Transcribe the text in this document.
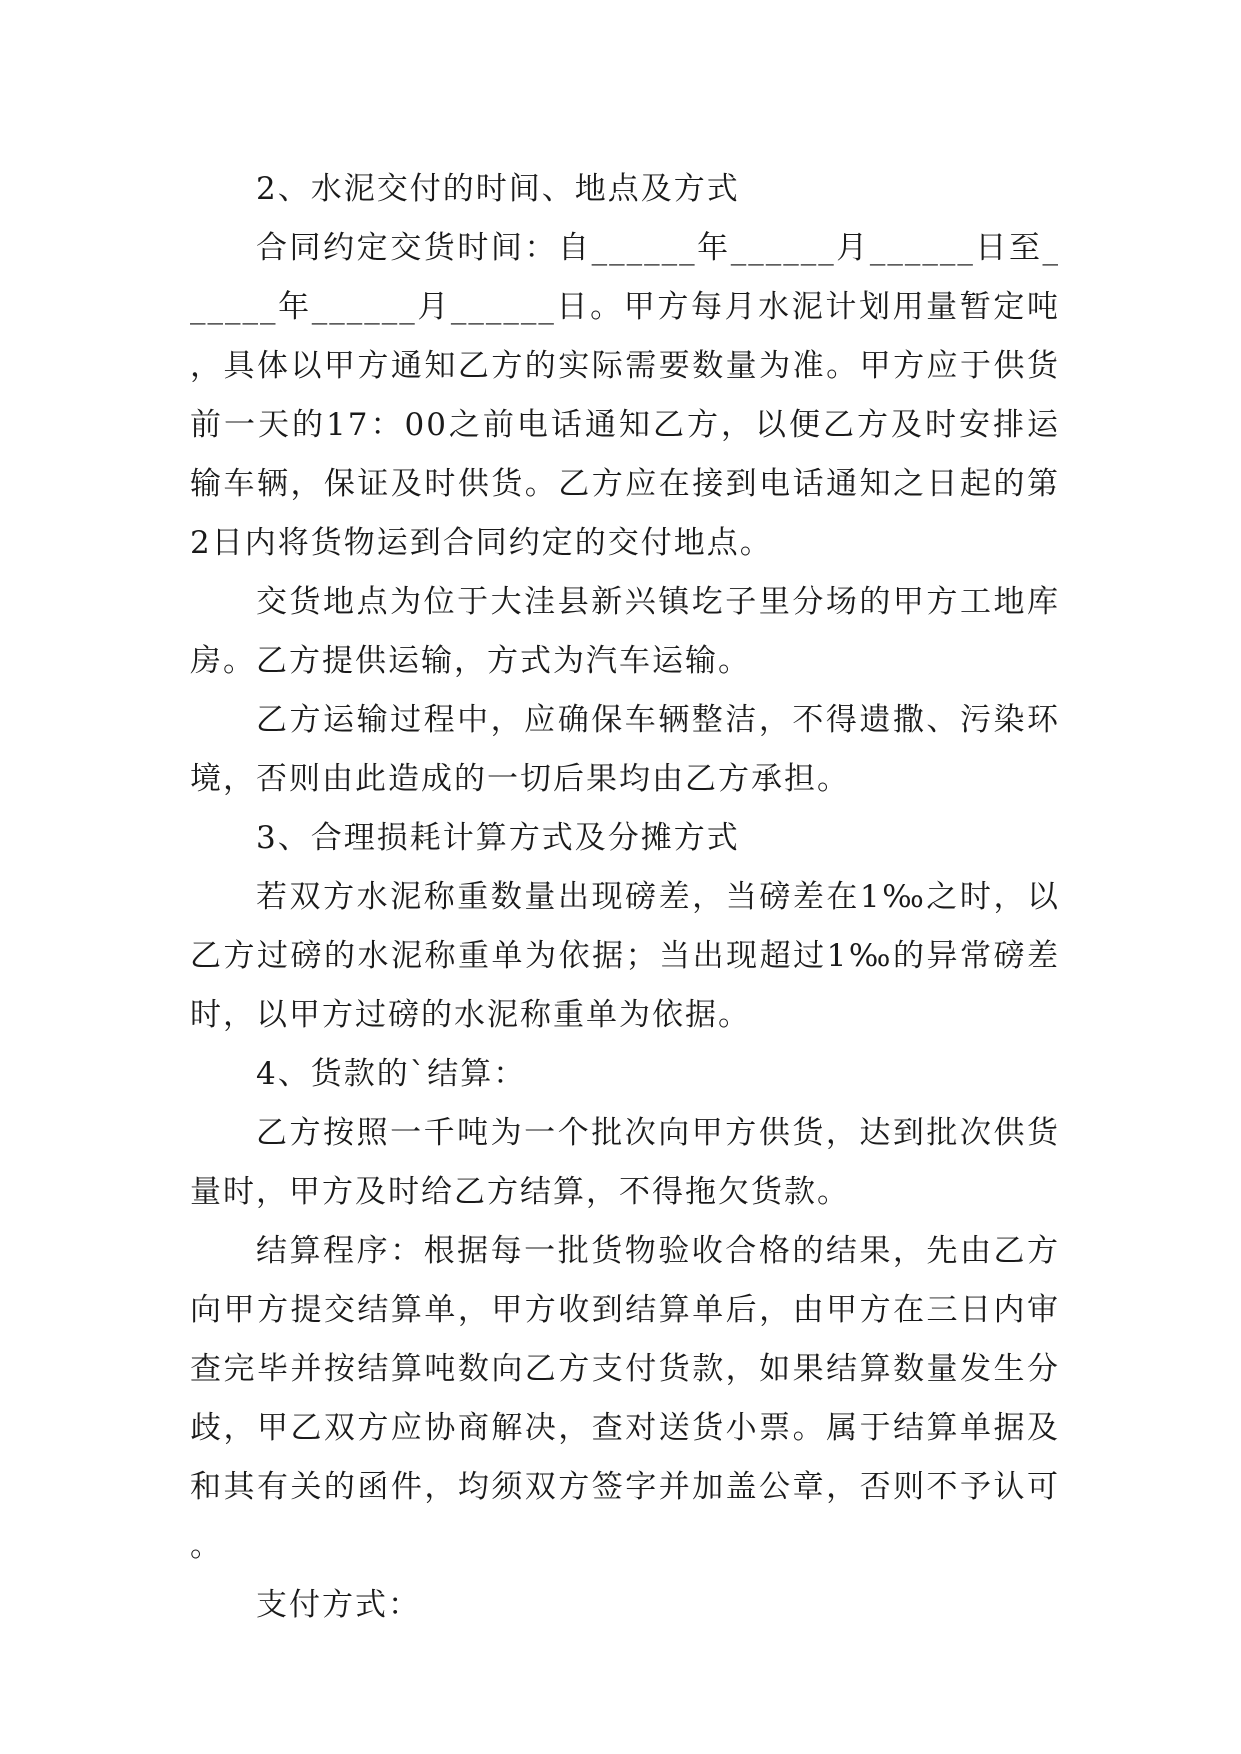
2、水泥交付的时间、地点及方式

合同约定交货时间：自______年______月______日至______年______月______日。甲方每月水泥计划用量暂定吨，具体以甲方通知乙方的实际需要数量为准。甲方应于供货前一天的17：00之前电话通知乙方，以便乙方及时安排运输车辆，保证及时供货。乙方应在接到电话通知之日起的第2日内将货物运到合同约定的交付地点。

交货地点为位于大洼县新兴镇圪子里分场的甲方工地库房。乙方提供运输，方式为汽车运输。

乙方运输过程中，应确保车辆整洁，不得遗撒、污染环境，否则由此造成的一切后果均由乙方承担。

3、合理损耗计算方式及分摊方式

若双方水泥称重数量出现磅差，当磅差在1‰之时，以乙方过磅的水泥称重单为依据；当出现超过1‰的异常磅差时，以甲方过磅的水泥称重单为依据。

4、货款的`结算：

乙方按照一千吨为一个批次向甲方供货，达到批次供货量时，甲方及时给乙方结算，不得拖欠货款。

结算程序：根据每一批货物验收合格的结果，先由乙方向甲方提交结算单，甲方收到结算单后，由甲方在三日内审查完毕并按结算吨数向乙方支付货款，如果结算数量发生分歧，甲乙双方应协商解决，查对送货小票。属于结算单据及和其有关的函件，均须双方签字并加盖公章，否则不予认可。

支付方式：
